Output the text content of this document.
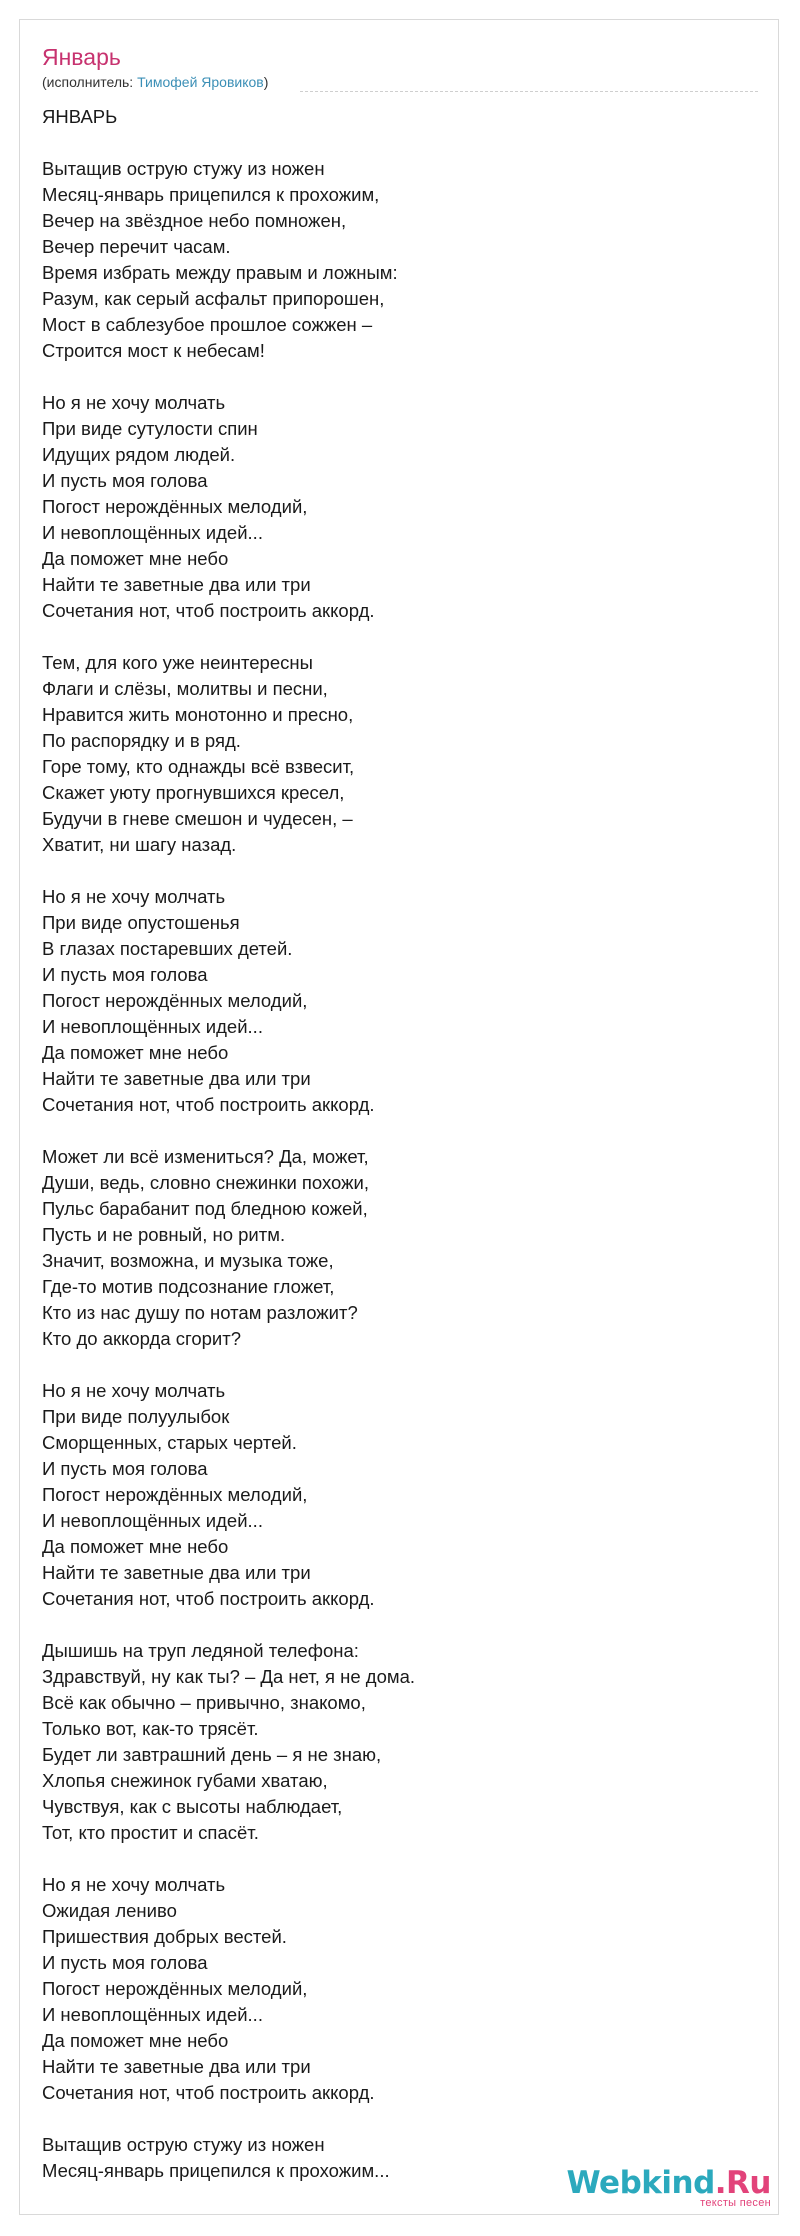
Январь
(исполнитель: Тимофей Яровиков)
ЯНВАРЬ
Вытащив острую стужу из ножен
Месяц-январь прицепился к прохожим,
Вечер на звёздное небо помножен,
Вечер перечит часам.
Время избрать между правым и ложным:
Разум, как серый асфальт припорошен,
Мост в саблезубое прошлое сожжен –
Строится мост к небесам!
Но я не хочу молчать
При виде сутулости спин
Идущих рядом людей.
И пусть моя голова
Погост нерождённых мелодий,
И невоплощённых идей...
Да поможет мне небо
Найти те заветные два или три
Сочетания нот, чтоб построить аккорд.
Тем, для кого уже неинтересны
Флаги и слёзы, молитвы и песни,
Нравится жить монотонно и пресно,
По распорядку и в ряд.
Горе тому, кто однажды всё взвесит,
Скажет уюту прогнувшихся кресел,
Будучи в гневе смешон и чудесен, –
Хватит, ни шагу назад.
Но я не хочу молчать
При виде опустошенья
В глазах постаревших детей.
И пусть моя голова
Погост нерождённых мелодий,
И невоплощённых идей...
Да поможет мне небо
Найти те заветные два или три
Сочетания нот, чтоб построить аккорд.
Может ли всё измениться? Да, может,
Души, ведь, словно снежинки похожи,
Пульс барабанит под бледною кожей,
Пусть и не ровный, но ритм.
Значит, возможна, и музыка тоже,
Где-то мотив подсознание гложет,
Кто из нас душу по нотам разложит?
Кто до аккорда сгорит?
Но я не хочу молчать
При виде полуулыбок
Сморщенных, старых чертей.
И пусть моя голова
Погост нерождённых мелодий,
И невоплощённых идей...
Да поможет мне небо
Найти те заветные два или три
Сочетания нот, чтоб построить аккорд.
Дышишь на труп ледяной телефона:
Здравствуй, ну как ты? – Да нет, я не дома.
Всё как обычно – привычно, знакомо,
Только вот, как-то трясёт.
Будет ли завтрашний день – я не знаю,
Хлопья снежинок губами хватаю,
Чувствуя, как с высоты наблюдает,
Тот, кто простит и спасёт.
Но я не хочу молчать
Ожидая лениво
Пришествия добрых вестей.
И пусть моя голова
Погост нерождённых мелодий,
И невоплощённых идей...
Да поможет мне небо
Найти те заветные два или три
Сочетания нот, чтоб построить аккорд.
Вытащив острую стужу из ножен
Месяц-январь прицепился к прохожим...	Webkind.Ru
тексты песен
